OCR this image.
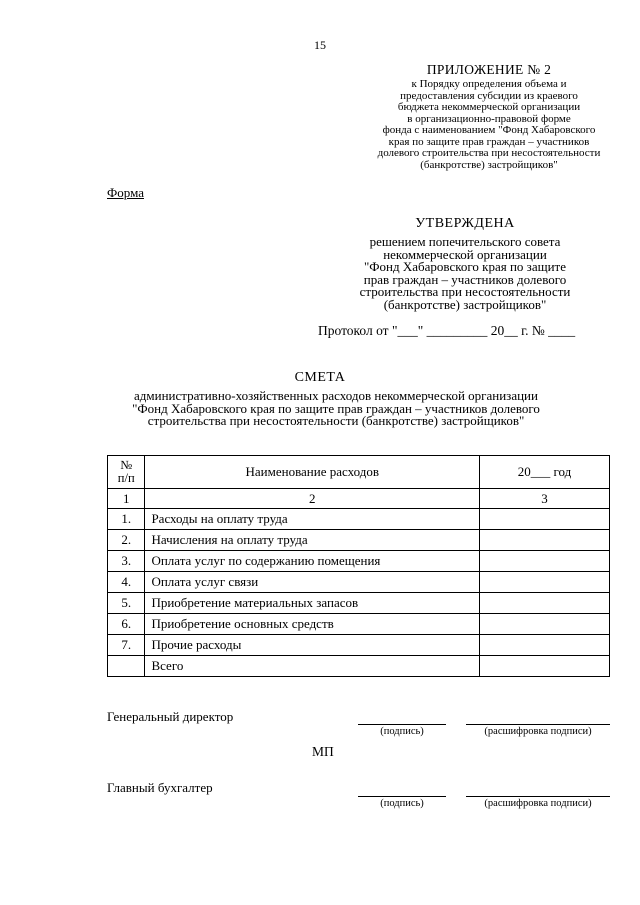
15
ПРИЛОЖЕНИЕ № 2
к Порядку определения объема и
предоставления субсидии из краевого
бюджета некоммерческой организации
в организационно-правовой форме
фонда с наименованием "Фонд Хабаровского
края по защите прав граждан – участников
долевого строительства при несостоятельности
(банкротстве) застройщиков"
Форма
УТВЕРЖДЕНА
решением попечительского совета
некоммерческой организации
"Фонд Хабаровского края по защите
прав граждан – участников долевого
строительства при несостоятельности
(банкротстве) застройщиков"
Протокол от "___" _________ 20__ г. № ____
СМЕТА
административно-хозяйственных расходов некоммерческой организации
"Фонд Хабаровского края по защите прав граждан – участников долевого
строительства при несостоятельности (банкротстве) застройщиков"
№
п/п	Наименование расходов	20___ год
1	2	3
1.	Расходы на оплату труда	
2.	Начисления на оплату труда	
3.	Оплата услуг по содержанию помещения	
4.	Оплата услуг связи	
5.	Приобретение материальных запасов	
6.	Приобретение основных средств	
7.	Прочие расходы	
	Всего	
Генеральный директор
(подпись)	(расшифровка подписи)
МП
Главный бухгалтер
(подпись)	(расшифровка подписи)
